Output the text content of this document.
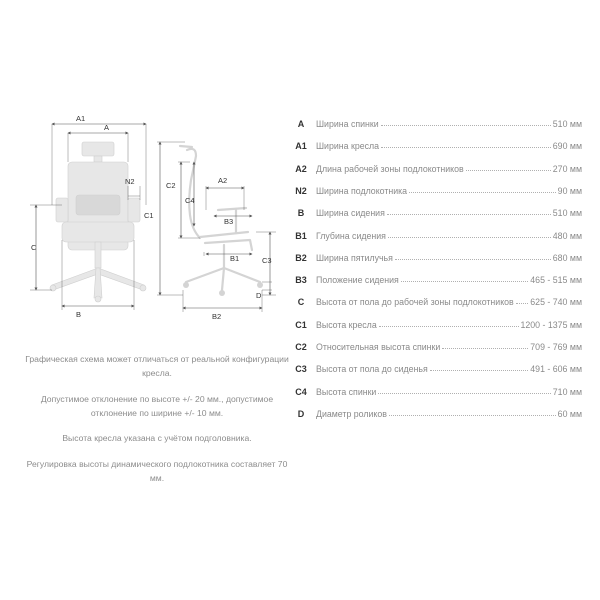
A1
A
N2
C
B
C4
C2
C1
A2
B3
B1	C3
D
B2
Графическая схема может отличаться от реальной конфигурации кресла.
Допустимое отклонение по высоте +/- 20 мм., допустимое отклонение по ширине +/- 10 мм.
Высота кресла указана с учётом подголовника.
Регулировка высоты динамического подлокотника составляет 70 мм.
A	Ширина спинки	510 мм
A1	Ширина кресла	690 мм
A2	Длина рабочей зоны подлокотников	270 мм
N2	Ширина подлокотника	90 мм
B	Ширина сидения	510 мм
B1	Глубина сидения	480 мм
B2	Ширина пятилучья	680 мм
B3	Положение сидения	465 - 515 мм
C	Высота от пола до рабочей зоны подлокотников 625 - 740 мм
C1	Высота кресла	1200 - 1375 мм
C2	Относительная высота спинки	709 - 769 мм
C3	Высота от пола до сиденья	491 - 606 мм
C4	Высота спинки	710 мм
D	Диаметр роликов	60 мм
